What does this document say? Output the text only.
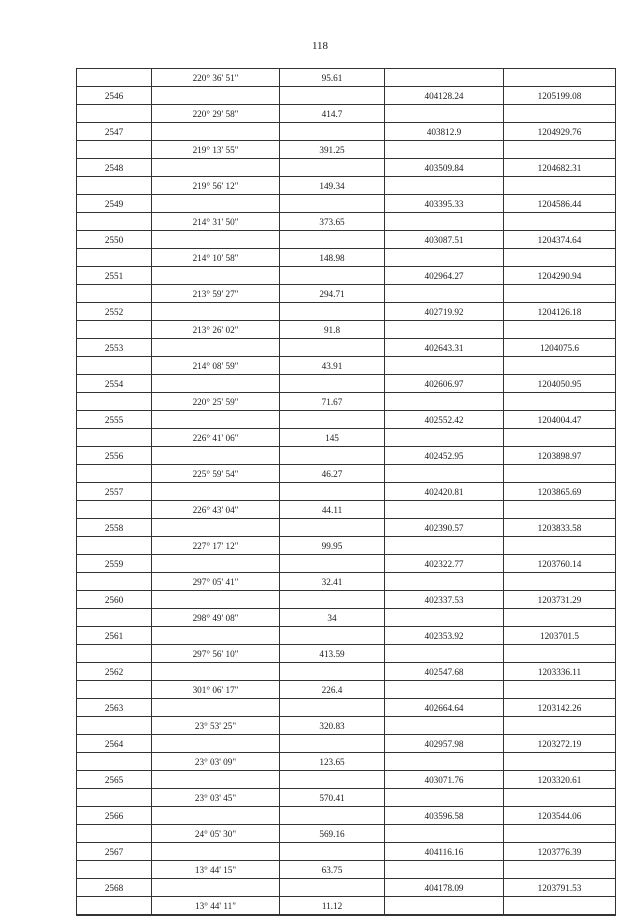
118
	220° 36' 51"	95.61		
2546			404128.24	1205199.08
	220° 29' 58"	414.7		
2547			403812.9	1204929.76
	219° 13' 55"	391.25		
2548			403509.84	1204682.31
	219° 56' 12"	149.34		
2549			403395.33	1204586.44
	214° 31' 50"	373.65		
2550			403087.51	1204374.64
	214° 10' 58"	148.98		
2551			402964.27	1204290.94
	213° 59' 27"	294.71		
2552			402719.92	1204126.18
	213° 26' 02"	91.8		
2553			402643.31	1204075.6
	214° 08' 59"	43.91		
2554			402606.97	1204050.95
	220° 25' 59"	71.67		
2555			402552.42	1204004.47
	226° 41' 06"	145		
2556			402452.95	1203898.97
	225° 59' 54"	46.27		
2557			402420.81	1203865.69
	226° 43' 04"	44.11		
2558			402390.57	1203833.58
	227° 17' 12"	99.95		
2559			402322.77	1203760.14
	297° 05' 41"	32.41		
2560			402337.53	1203731.29
	298° 49' 08"	34		
2561			402353.92	1203701.5
	297° 56' 10"	413.59		
2562			402547.68	1203336.11
	301° 06' 17"	226.4		
2563			402664.64	1203142.26
	23° 53' 25"	320.83		
2564			402957.98	1203272.19
	23° 03' 09"	123.65		
2565			403071.76	1203320.61
	23° 03' 45"	570.41		
2566			403596.58	1203544.06
	24° 05' 30"	569.16		
2567			404116.16	1203776.39
	13° 44' 15"	63.75		
2568			404178.09	1203791.53
	13° 44' 11"	11.12		
